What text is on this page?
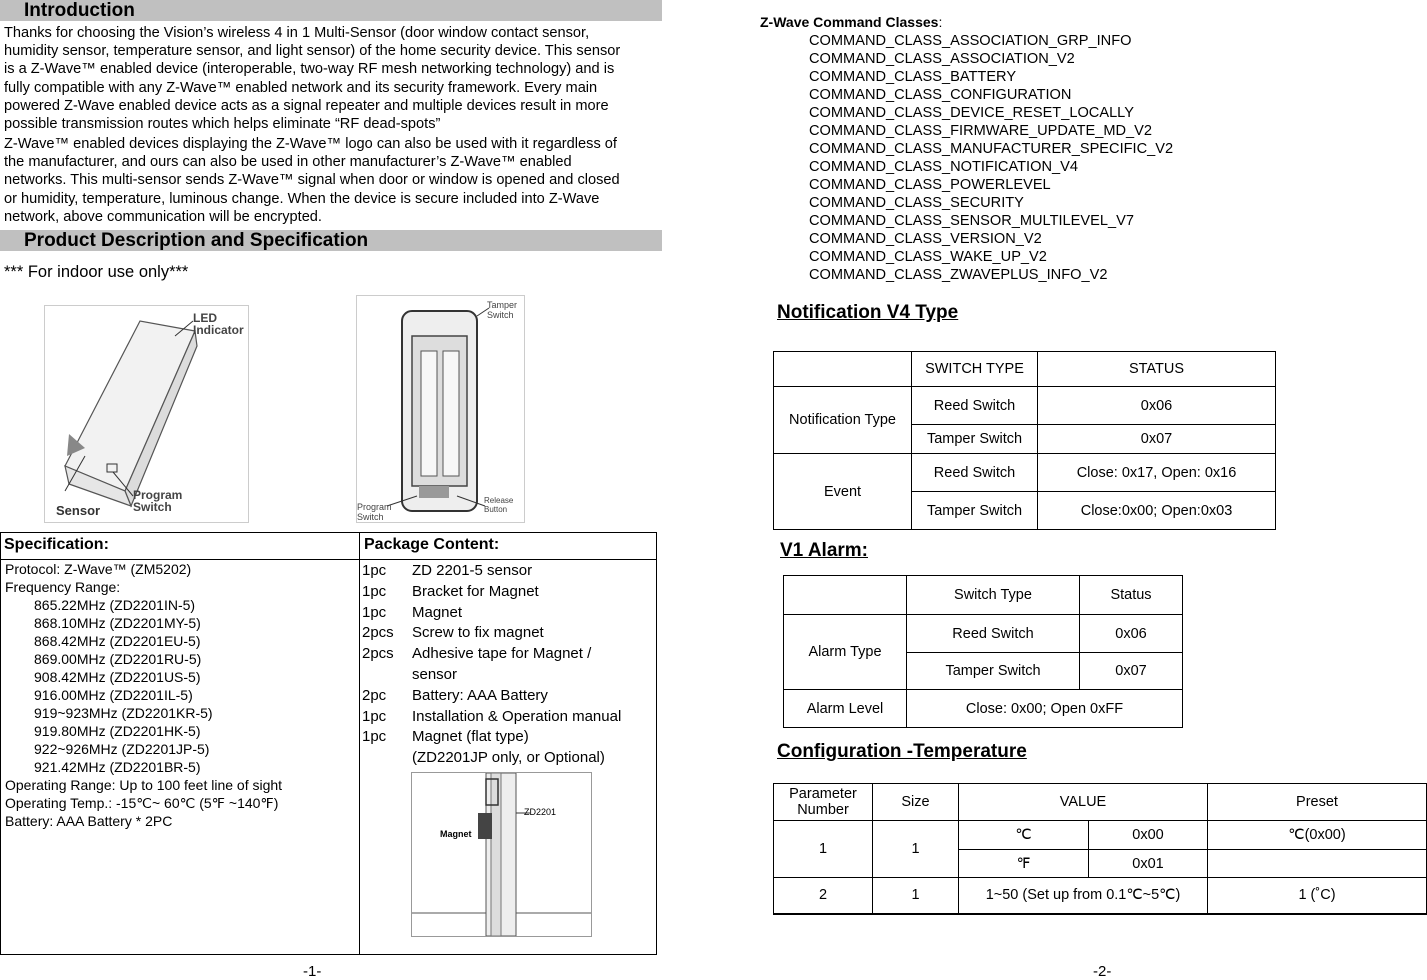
Introduction
Thanks for choosing the Vision’s wireless 4 in 1 Multi-Sensor (door window contact sensor,
humidity sensor, temperature sensor, and light sensor) of the home security device. This sensor
is a Z-Wave™ enabled device (interoperable, two-way RF mesh networking technology) and is
fully compatible with any Z-Wave™ enabled network and its security framework. Every main
powered Z-Wave enabled device acts as a signal repeater and multiple devices result in more
possible transmission routes which helps eliminate “RF dead-spots”
Z-Wave™ enabled devices displaying the Z-Wave™ logo can also be used with it regardless of
the manufacturer, and ours can also be used in other manufacturer’s Z-Wave™ enabled
networks. This multi-sensor sends Z-Wave™ signal when door or window is opened and closed
or humidity, temperature, luminous change. When the device is secure included into Z-Wave
network, above communication will be encrypted.
Product Description and Specification
*** For indoor use only***
LED
Indicator
Sensor
Program
Switch
Tamper
Switch
Program
Switch
Release
Button
Specification:	Package Content:
Protocol: Z-Wave™ (ZM5202)
Frequency Range:
865.22MHz (ZD2201IN-5)
868.10MHz (ZD2201MY-5)
868.42MHz (ZD2201EU-5)
869.00MHz (ZD2201RU-5)
908.42MHz (ZD2201US-5)
916.00MHz (ZD2201IL-5)
919~923MHz (ZD2201KR-5)
919.80MHz (ZD2201HK-5)
922~926MHz (ZD2201JP-5)
921.42MHz (ZD2201BR-5)
Operating Range: Up to 100 feet line of sight
Operating Temp.: -15℃~ 60℃ (5℉ ~140℉)
Battery: AAA Battery * 2PC
1pc	ZD 2201-5 sensor
1pc	Bracket for Magnet
1pc	Magnet
2pcs	Screw to fix magnet
2pcs	Adhesive tape for Magnet /
sensor
2pc	Battery: AAA Battery
1pc	Installation & Operation manual
1pc	Magnet (flat type)
(ZD2201JP only, or Optional)
Magnet
ZD2201
-1-
Z-Wave Command Classes:
COMMAND_CLASS_ASSOCIATION_GRP_INFO
COMMAND_CLASS_ASSOCIATION_V2
COMMAND_CLASS_BATTERY
COMMAND_CLASS_CONFIGURATION
COMMAND_CLASS_DEVICE_RESET_LOCALLY
COMMAND_CLASS_FIRMWARE_UPDATE_MD_V2
COMMAND_CLASS_MANUFACTURER_SPECIFIC_V2
COMMAND_CLASS_NOTIFICATION_V4
COMMAND_CLASS_POWERLEVEL
COMMAND_CLASS_SECURITY
COMMAND_CLASS_SENSOR_MULTILEVEL_V7
COMMAND_CLASS_VERSION_V2
COMMAND_CLASS_WAKE_UP_V2
COMMAND_CLASS_ZWAVEPLUS_INFO_V2
Notification V4 Type
	SWITCH TYPE	STATUS
Notification Type	Reed Switch	0x06
	Tamper Switch	0x07
Event	Reed Switch	Close: 0x17, Open: 0x16
	Tamper Switch	Close:0x00; Open:0x03
V1 Alarm:
	Switch Type	Status
Alarm Type	Reed Switch	0x06
	Tamper Switch	0x07
Alarm Level	Close: 0x00; Open 0xFF	
Configuration -Temperature
Parameter
Number	Size	VALUE		Preset
1	1	℃	0x00	℃(0x00)
		℉	0x01	
2	1	1~50 (Set up from 0.1℃~5℃)		1 (˚C)
-2-
